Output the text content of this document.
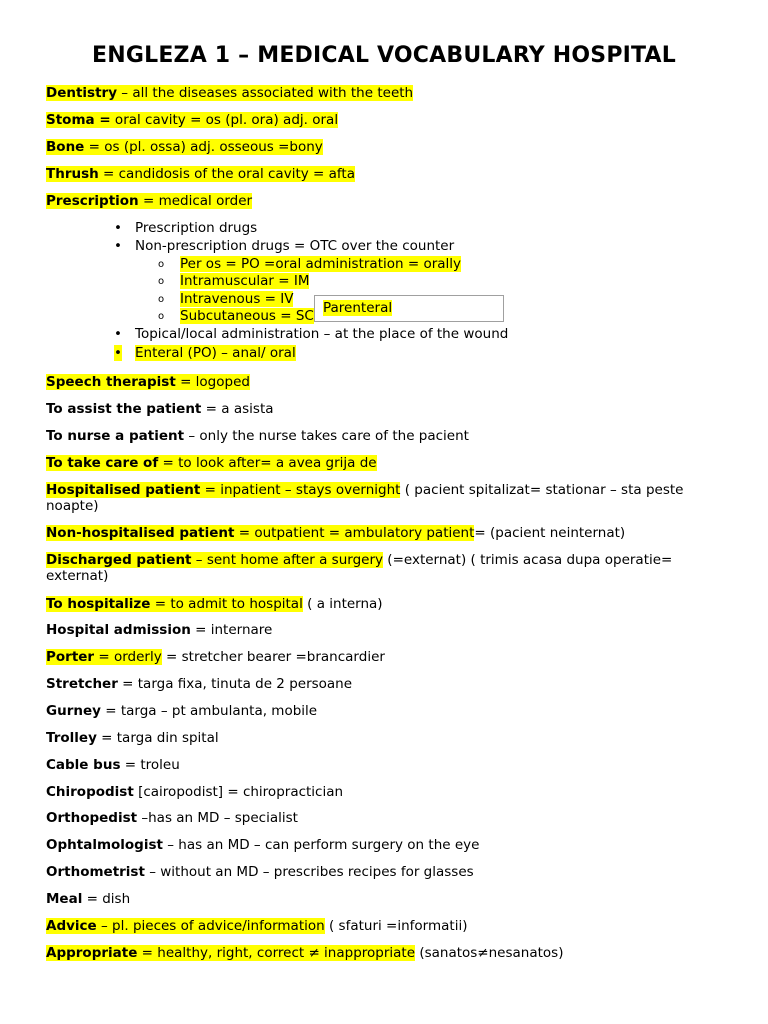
ENGLEZA 1 – MEDICAL VOCABULARY HOSPITAL
Dentistry – all the diseases associated with the teeth
Stoma = oral cavity = os (pl. ora) adj. oral
Bone = os (pl. ossa) adj. osseous =bony
Thrush = candidosis of the oral cavity = afta
Prescription = medical order
• Prescription drugs
• Non-prescription drugs = OTC over the counter
o Per os = PO =oral administration = orally
o Intramuscular = IM
o Intravenous = IV
o Subcutaneous = SC Parenteral
• Topical/local administration – at the place of the wound
• Enteral (PO) – anal/ oral
Speech therapist = logoped
To assist the patient = a asista
To nurse a patient – only the nurse takes care of the pacient
To take care of = to look after= a avea grija de
Hospitalised patient = inpatient – stays overnight ( pacient spitalizat= stationar – sta peste noapte)
Non-hospitalised patient = outpatient = ambulatory patient= (pacient neinternat)
Discharged patient – sent home after a surgery (=externat) ( trimis acasa dupa operatie= externat)
To hospitalize = to admit to hospital ( a interna)
Hospital admission = internare
Porter = orderly = stretcher bearer =brancardier
Stretcher = targa fixa, tinuta de 2 persoane
Gurney = targa – pt ambulanta, mobile
Trolley = targa din spital
Cable bus = troleu
Chiropodist [cairopodist] = chiropractician
Orthopedist –has an MD – specialist
Ophtalmologist – has an MD – can perform surgery on the eye
Orthometrist – without an MD – prescribes recipes for glasses
Meal = dish
Advice – pl. pieces of advice/information ( sfaturi =informatii)
Appropriate = healthy, right, correct ≠ inappropriate (sanatos≠nesanatos)
